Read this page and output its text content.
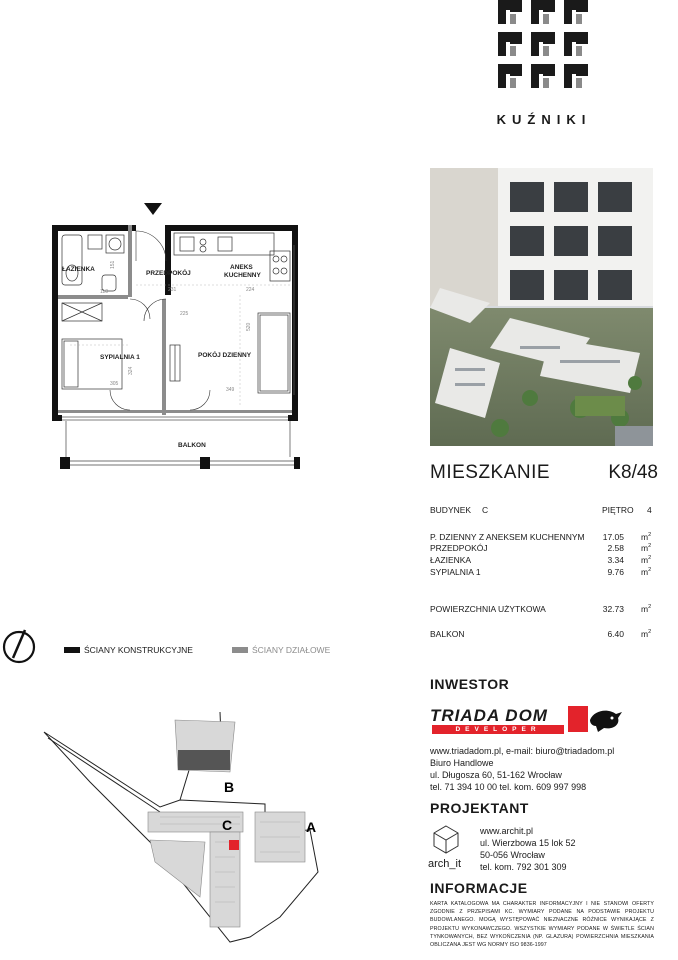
KUŹNIKI
ŁAZIENKA
PRZEDPOKÓJ
ANEKS
KUCHENNY
SYPIALNIA 1	POKÓJ DZIENNY
BALKON
151
231	224
520
324
305
349
110
225
MIESZKANIE	K8/48
BUDYNEK C	PIĘTRO 4
P. DZIENNY Z ANEKSEM KUCHENNYM	17.05 $m^2$
PRZEDPOKÓJ	2.58 $m^2$
ŁAZIENKA	3.34 $m^2$
SYPIALNIA 1	9.76 $m^2$
POWIERZCHNIA UŻYTKOWA	32.73 $m^2$
BALKON	6.40 $m^2$
ŚCIANY KONSTRUKCYJNE	ŚCIANY DZIAŁOWE
B
C	A
INWESTOR
TRIADA DOM
DEVELOPER
www.triadadom.pl, e-mail: biuro@triadadom.pl
Biuro Handlowe
ul. Długosza 60, 51-162 Wrocław
tel. 71 394 10 00 tel. kom. 609 997 998
PROJEKTANT
arch_it
www.archit.pl
ul. Wierzbowa 15 lok 52
50-056 Wrocław
tel. kom. 792 301 309
INFORMACJE
KARTA KATALOGOWA MA CHARAKTER INFORMACYJNY I NIE STANOWI OFERTY ZGODNIE Z PRZEPISAMI KC. WYMIARY PODANE NA PODSTAWIE PROJEKTU BUDOWLANEGO. MOGĄ WYSTĘPOWAĆ NIEZNACZNE RÓŻNICE WYNIKAJĄCE Z PROJEKTU WYKONAWCZEGO. WSZYSTKIE WYMIARY PODANE W ŚWIETLE ŚCIAN TYNKOWANYCH, BEZ WYKOŃCZENIA (NP. GLAZURA) POWIERZCHNIA MIESZKANIA OBLICZANA JEST WG NORMY ISO 9836-1997
